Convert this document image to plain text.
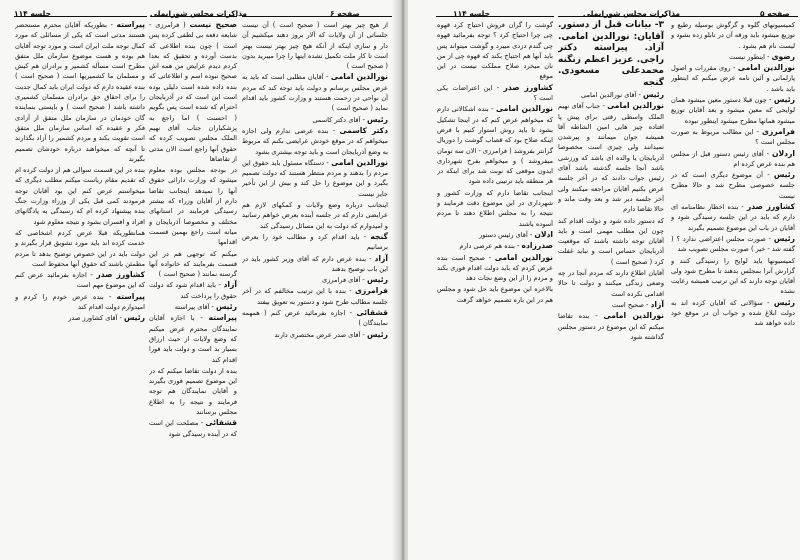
صفحه ۶
مذاکرات مجلس شورایملی
جلسه ۱۱۴

از هیچ چیز بهتر است ( صحیح است ) آن نیست جلساتی از آن ولایات که آلار بروز دهند میکشیم آن دار و سازی اینکه از آنکه هیچ چیز بهتر نیست بهتر است تا کار ملت تکمیل نشده اینها را چرا میبرید بدون ( صحیح است )

نورالدین امامی - آقایان مطلبی است که باید به عرض مجلس برسانم و دولت باید توجه کند که مردم آن نواحی در زحمت هستند و وزارت کشور باید اقدام نماید ( صحیح است )

رئیس - آقای دکتر کاسمی

دکتر کاسمی - بنده عرضی ندارم ولی اجازه میخواهم که در موقع خودش عرایضی بکنم که مربوط به وضع آذربایجان است و باید توجه بیشتری بشود

نورالدین امامی - دستگاه مسئول باید حقوق این مردم را بدهند و مردم منتظر هستند که دولت تصمیم بگیرد و این موضوع را حل کند و بیش از این تأخیر جایز نیست

اینجانب درباره وضع ولایات و کمکهای لازم هم عرایضی دارم که در جلسه آینده بعرض خواهم رسانید و امیدوارم که دولت به این مسائل رسیدگی کند

گنجه - باید اقدام کرد و مطالب خود را بعرض برسانیم

آزاد - بنده عرض دارم که آقای وزیر کشور باید در این باب توضیح بدهند

رئیس - آقای فرامرزی

فرامرزی - بنده با این ترتیب مخالفم که در آخر جلسه مطالب طرح شود و دستور به تعویق بیفتد

قشقائی - اجازه بفرمائید عرض کنم ( همهمه نمایندگان )

رئیس - آقای صدر عرض مختصری دارند

صحیح نیست ( فرامرزی - شایعه دفعه بی لطفی کرده پس است ) چون بنده اطلاعی که بدست آورده و تحقیق که بعدا کردم دیدم عرایض من همه اش صحیح نبوده اسم و اطلاعاتی که بنده داده شده است دلیلی بوده است این است که در آذربایجان احترام که شده است پس بگویم ( احسنت ) اما راجع به پزشکیاران جناب آقای نهیم الملک مجلس تصویب کرده که حقوق آنها راجع است الان مدتی از تقاضاها

در بودجه مجلس بوده معلوم میشود که وزارت دارائی حقوق آنها را نمیدهد اینجانب تقاضا دارم از آقایان وزراء که بیشتر رسیدگی فرمایند در استانهای مختلف و مخصوصا آذربایجان و میانه است راجع بهمین قسمت اقدامها

میکنم که توجهی هم در این قسمت بفرمایند که خانواده آنها گرسنه نمانند ( صحیح است )

آزاد - باید اقدام شود که دولت حقوق را پرداخت کند

رئیس - آقای پیراسته

پیراسته - با اجازه آقایان نمایندگان محترم عرض میکنم که وضع ولایات از حیث ارزاق بسیار بد است و دولت باید فورا اقدام کند

بنده از دولت تقاضا میکنم که در این موضوع تصمیم فوری بگیرند و آقایان نمایندگان هم توجه فرمایند و نتیجه را به اطلاع مجلس برسانند

قشقائی - مصلحت این است که در آینده رسیدگی شود

پیراسته - بطوریکه آقایان محترم مستحضر هستند مدتی است که یکی از مسائلی که مورد کمال توجه ملت ایران است و مورد توجه آقایان هم بوده و هست موضوع سازمان ملل متفق مطرح است مسأله کشمیر و برادران هم کیش و مسلمان ما کشمیریها است ( صحیح است ) بنده عقیده دارم که دولت ایران باید کمال جدیت را برای احقاق حق برادران مسلمان کشمیری داشته باشد ( صحیح است ) و بایستی بنماینده گان خودمان در سازمان ملل متفق از آزادی فکر و عقیده که اساس سازمان ملل متفق است تقویت بکند و مردم کشمیر را آزاد بگذارند تا آنچه که میخواهند درباره خودشان تصمیم بگیرند

بنده در این قسمت سوالی هم از دولت کرده ام که تقدیم مقام ریاست میکنم مطلب دیگری که میخواستم عرض کنم این بود آقایان توجه فرمودند کمی قبل یکی از وزراء وزارت جنگ بنده پیشنهاد کرده ام که رسیدگی به پادگانهای افراد و افسران بشود و نتیجه معلوم شود

همانطوریکه قبلا عرض کردم اشخاصی که خدمت کرده اند باید مورد تشویق قرار بگیرند و دولت باید در این خصوص توضیح بدهد تا مردم مطمئن باشند که حقوق آنها محفوظ است

کشاورز صدر - اجازه بفرمائید عرض کنم که این موضوع مهم است

پیراسته - بنده عرض خودم را کردم و امیدوارم دولت اقدام کند

رئیس - آقای کشاورز صدر

صفحه ۵
مذاکرات مجلس شورایملی
جلسه ۱۱۴

گوشت را گران فروش احتیاج کرد قهوه چی چرا احتیاج کرد ؟ توجه بفرمائید قهوه چی گندم دزدی میبرد و گوشت میتواند پس باید آنها هم احتیاج بکند که قهوه چی از من نان میخرد صلاح مملکت نیست در این موقع

کشاورز صدر - این اعتراضات یکی است ؟

نورالدین امامی - بنده اشکالاتی دارم که میخواهم عرض کنم که در اینجا تشکیل بشود تا باید روش استوار کنیم با فرض اینکه صلاح بود که قصاب گوشت را دوریال گرانتر بفروشد ( فرامرزی - الان سه تومان میفروشد ) و میخواهم بفرخ شهرداری ایدون موقعی که نوبت شد برای اینکه در هر منطقه باید ترتیبی داده شود

اینجانب تقاضا دارم که وزارت کشور و شهرداری در این موضوع دقت فرمایند و نتیجه را به مجلس اطلاع دهند تا مردم آسوده باشند

ادلان - آقای رئیس دستور

صدرزاده - بنده هم عرضی دارم

نورالدین امامی - صحیح است بنده عرض کردم که باید دولت اقدام فوری بکند و مردم را از این وضع نجات دهد

بالاخره این موضوع باید حل شود و مجلس هم در این باره تصمیم خواهد گرفت

۳- بیانات قبل از دستور. آقایان: نورالدین امامی. آزاد. پیراسته دکتر راجی. عزیز اعظم زنگنه محمدعلی مسعودی. گنجه

رئیس - آقای نورالدین امامی

نورالدین امامی - جناب آقای نهیم الملک واسطی رقتی برای پیش پا افتاده چیز هایی امین الشاطه آقا همیشه جوان میمانند و پیرشدن نمیدانند ولی چیزی است مخصوصا آذربایجان یا والده ای باشد که ورزشی باشد آنجا جلسه گذشته باشد آقای رئیس جواب دادند که در آخر جلسه عرض بکنیم آقایان مراجعه میکنند ولی آخر جلسه دیر شد و بعد وقت ماند و حالا تقاضا دارم

که دستور داده شود و دولت اقدام کند چون این مطلب مهمی است و باید آقایان توجه داشته باشند که موقعیت آذربایجان حساس است و نباید غفلت کرد ( صحیح است )

آقایان اطلاع دارند که مردم آنجا در چه وضعی زندگی میکنند و دولت تا حالا اقدامی نکرده است

آزاد - صحیح است

نورالدین امامی - بنده تقاضا میکنم که این موضوع در دستور مجلس گذاشته شود

کمیسیونهای گلوه و گرگوش بوسیله رطیع و توزیع میشود باید ورقه آن در تابلو زده بشود و لیست نام هم بشود .

رضوی - اینطور نیست

نورالدین امامی - روی مقررات و اصول پارلمانی و آئین نامه عرض میکنم که اینطور باید باشد .

رئیس - چون قبلا دستور معین میشود همان لوایحی که معین میشود و بعد آقایان توزیع میشود همانها مطرح میشود اینطور نبوده

فرامرزی - این مطالب مربوط به صورت مجلس است ؟

اردلان - آقای رئیس دستور قبل از مجلس هم بنده عرض کرده ام

رئیس - آن موضوع دیگری است که در جلسه خصوصی مطرح شد و حالا مطرح نیست

کشاورز صدر - بنده اخطار نظامنامه ای دارم که باید در این جلسه رسیدگی شود و آقایان در باب این موضوع تصمیم بگیرند

رئیس - صورت مجلس اعتراضی ندارد ؟ ( گفته شد - خیر ) صورت مجلس تصویب شد

کمیسیونها باید لوایح را رسیدگی کنند و گزارش آنرا بمجلس بدهند تا مطرح شود ولی آقایان توجه دارند که این ترتیب همیشه رعایت نشده

رئیس - سؤالاتی که آقایان کرده اند به دولت ابلاغ شده و جواب آن در موقع خود داده خواهد شد
